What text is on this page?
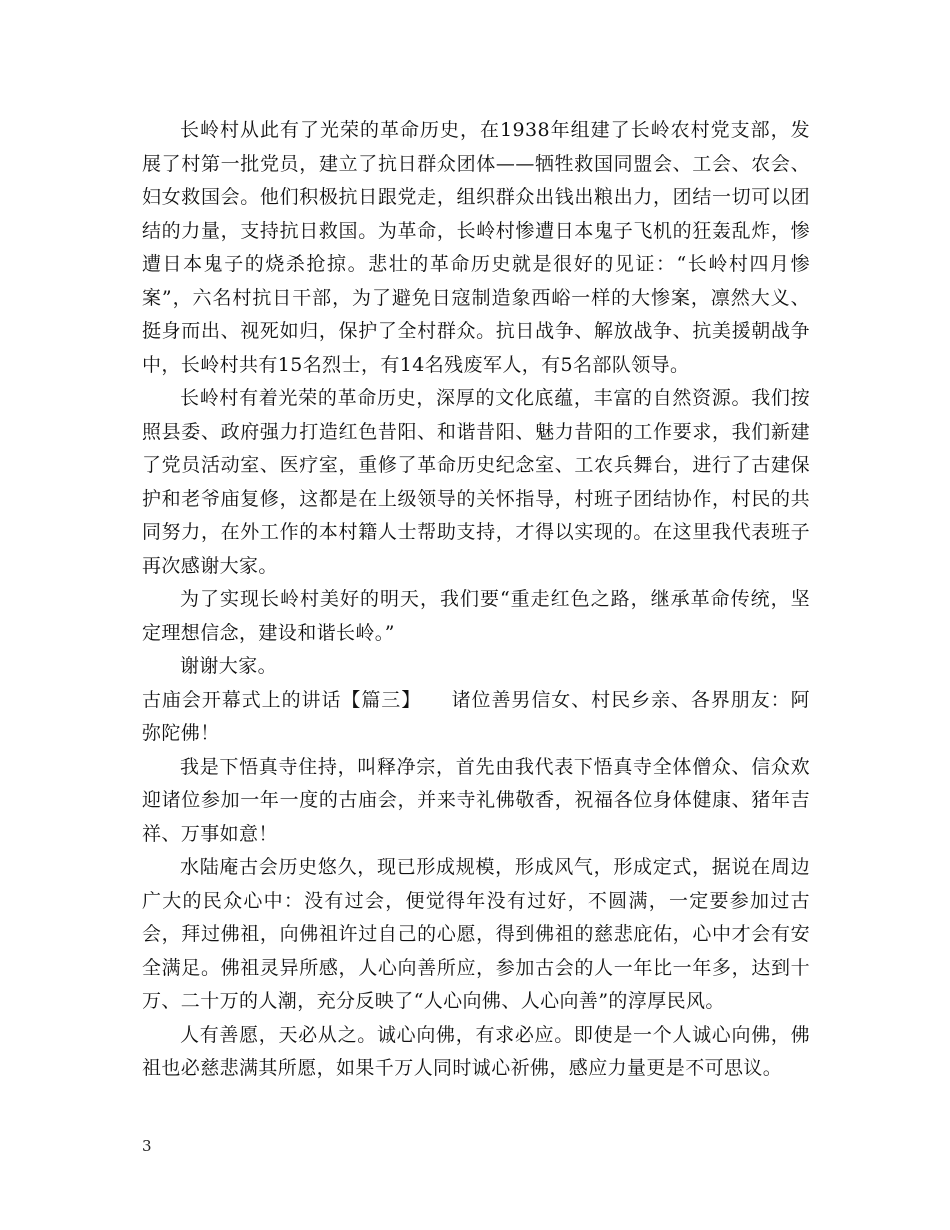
长岭村从此有了光荣的革命历史，在1938年组建了长岭农村党支部，发展了村第一批党员，建立了抗日群众团体——牺牲救国同盟会、工会、农会、妇女救国会。他们积极抗日跟党走，组织群众出钱出粮出力，团结一切可以团结的力量，支持抗日救国。为革命，长岭村惨遭日本鬼子飞机的狂轰乱炸，惨遭日本鬼子的烧杀抢掠。悲壮的革命历史就是很好的见证：“长岭村四月惨案”，六名村抗日干部，为了避免日寇制造象西峪一样的大惨案，凛然大义、挺身而出、视死如归，保护了全村群众。抗日战争、解放战争、抗美援朝战争中，长岭村共有15名烈士，有14名残废军人，有5名部队领导。

长岭村有着光荣的革命历史，深厚的文化底蕴，丰富的自然资源。我们按照县委、政府强力打造红色昔阳、和谐昔阳、魅力昔阳的工作要求，我们新建了党员活动室、医疗室，重修了革命历史纪念室、工农兵舞台，进行了古建保护和老爷庙复修，这都是在上级领导的关怀指导，村班子团结协作，村民的共同努力，在外工作的本村籍人士帮助支持，才得以实现的。在这里我代表班子再次感谢大家。

为了实现长岭村美好的明天，我们要“重走红色之路，继承革命传统，坚定理想信念，建设和谐长岭。”

谢谢大家。

古庙会开幕式上的讲话【篇三】　　诸位善男信女、村民乡亲、各界朋友：阿弥陀佛！

我是下悟真寺住持，叫释净宗，首先由我代表下悟真寺全体僧众、信众欢迎诸位参加一年一度的古庙会，并来寺礼佛敬香，祝福各位身体健康、猪年吉祥、万事如意！

水陆庵古会历史悠久，现已形成规模，形成风气，形成定式，据说在周边广大的民众心中：没有过会，便觉得年没有过好，不圆满，一定要参加过古会，拜过佛祖，向佛祖许过自己的心愿，得到佛祖的慈悲庇佑，心中才会有安全满足。佛祖灵异所感，人心向善所应，参加古会的人一年比一年多，达到十万、二十万的人潮，充分反映了“人心向佛、人心向善”的淳厚民风。

人有善愿，天必从之。诚心向佛，有求必应。即使是一个人诚心向佛，佛祖也必慈悲满其所愿，如果千万人同时诚心祈佛，感应力量更是不可思议。

3
